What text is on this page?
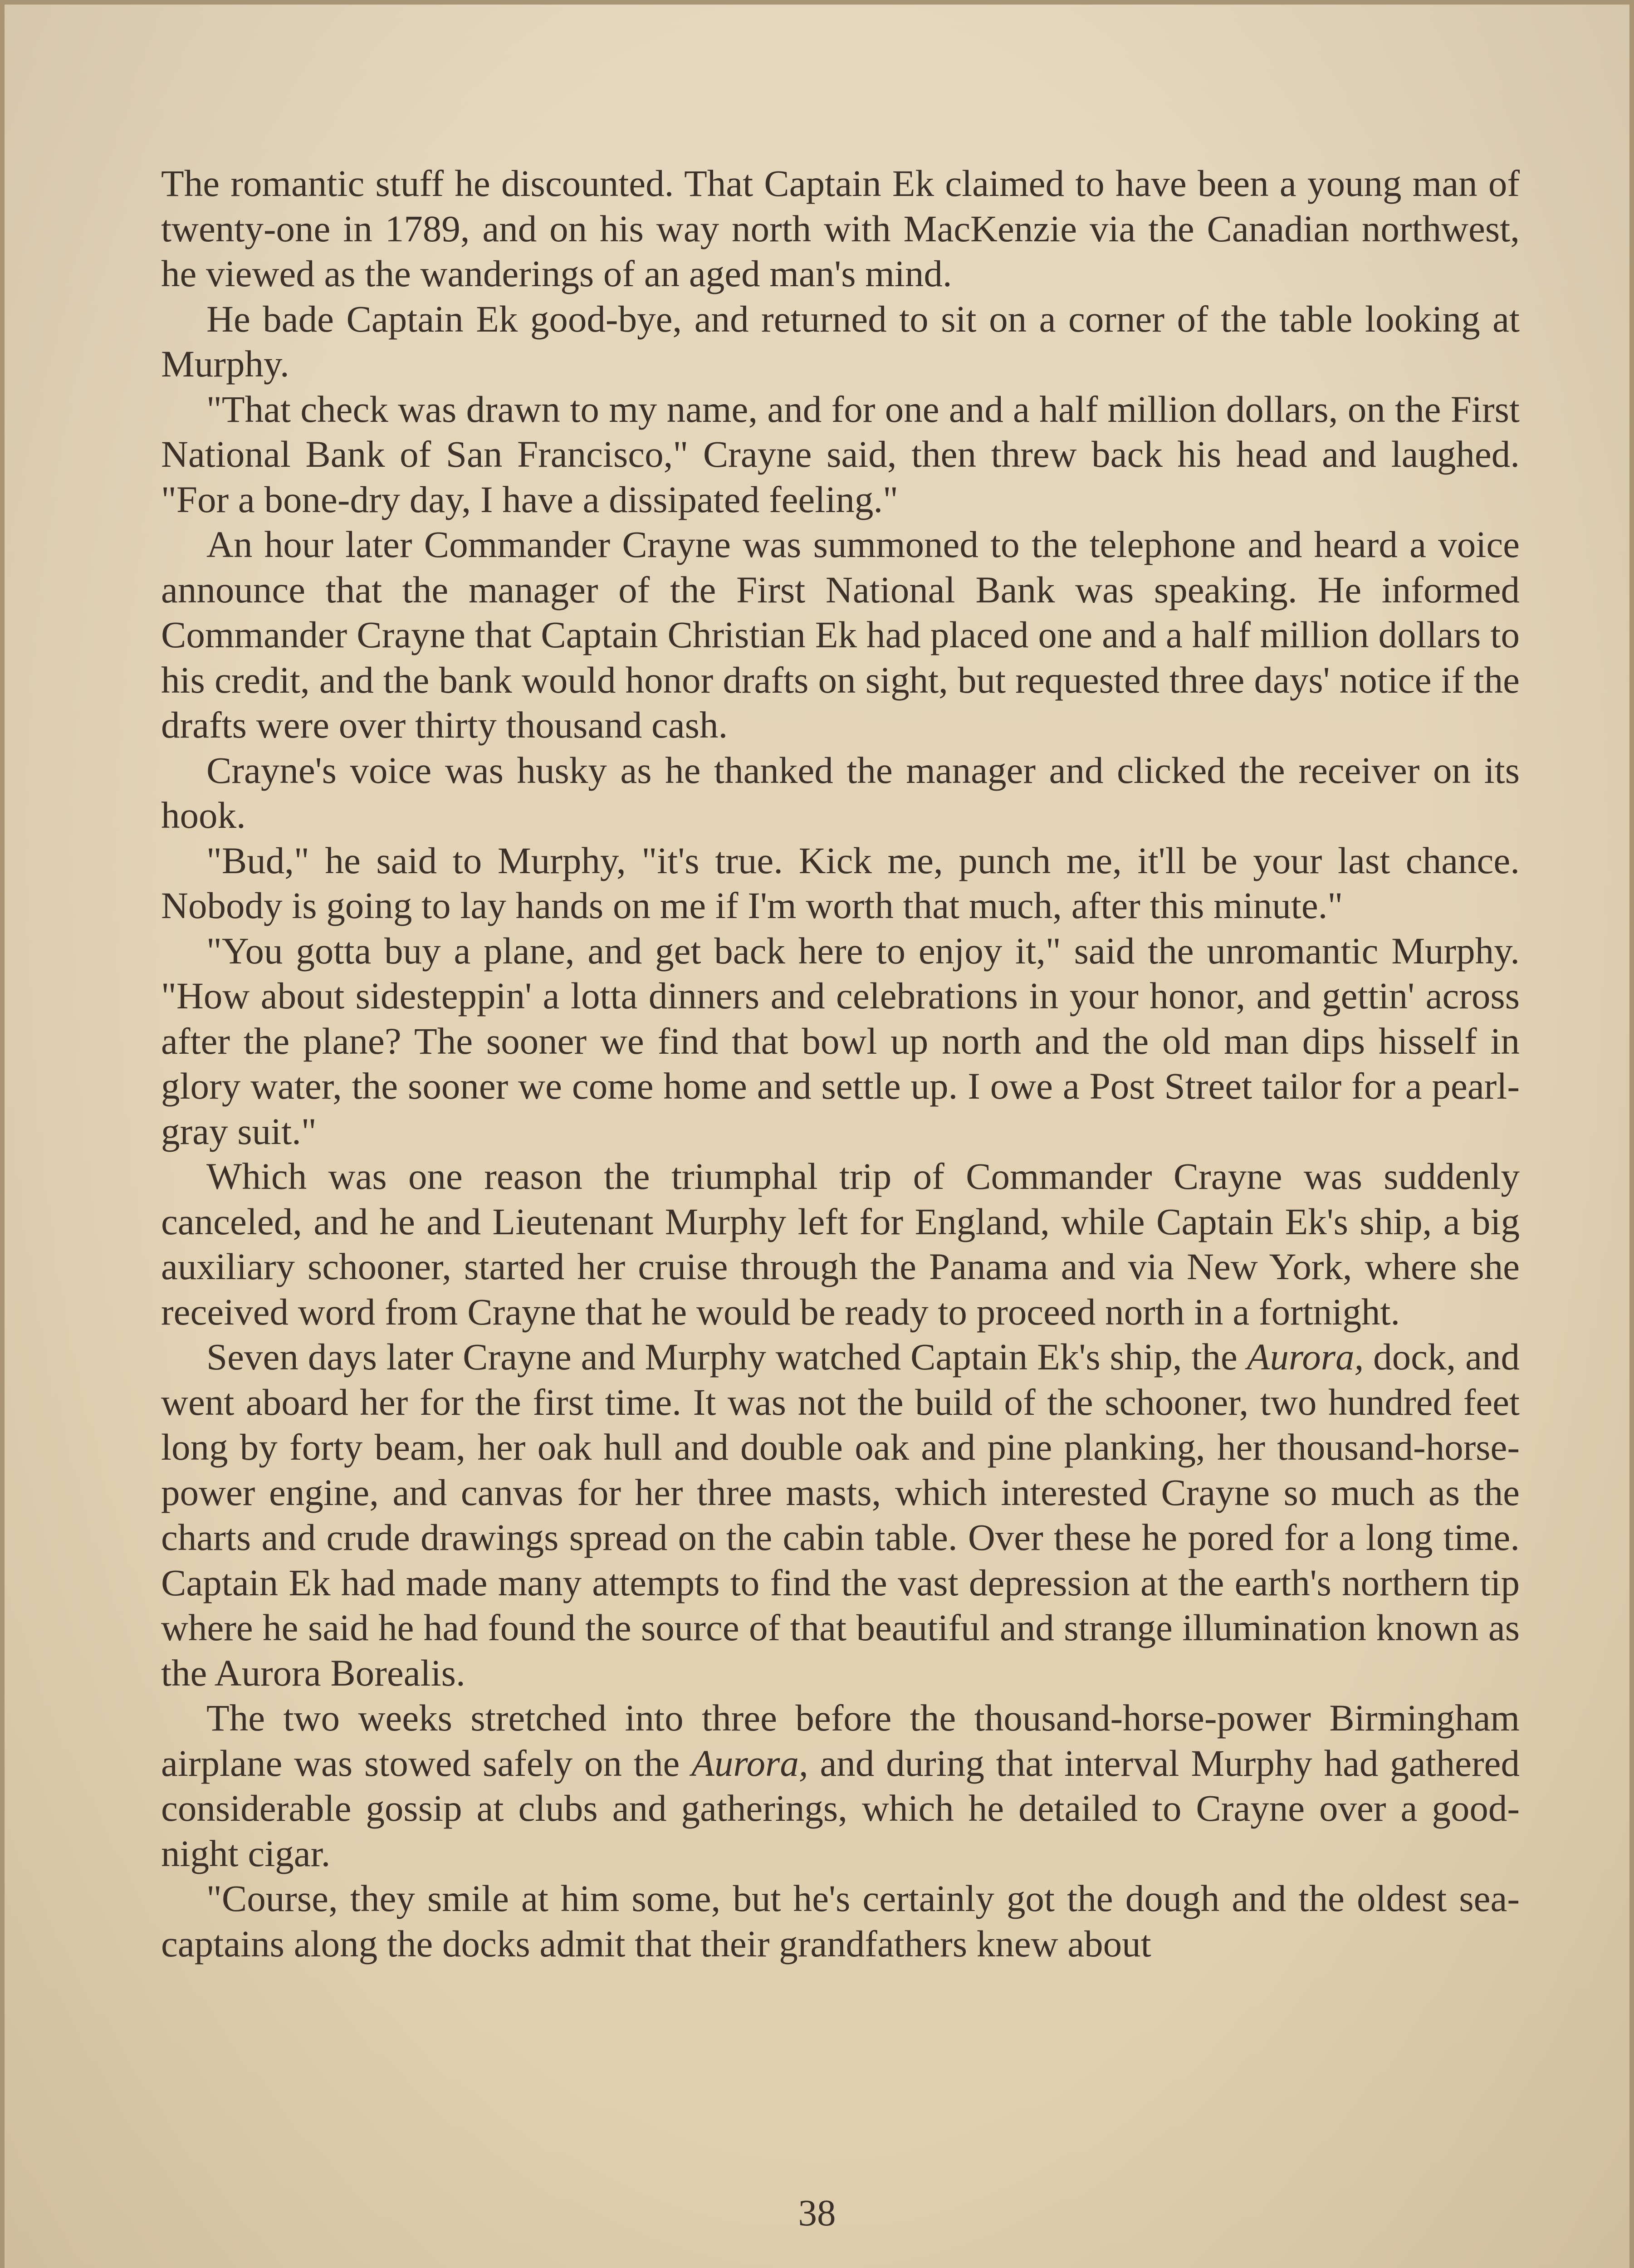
The romantic stuff he discounted. That Captain Ek claimed to have been a young man of twenty-one in 1789, and on his way north with MacKenzie via the Canadian northwest, he viewed as the wanderings of an aged man's mind.

He bade Captain Ek good-bye, and returned to sit on a corner of the table looking at Murphy.

"That check was drawn to my name, and for one and a half million dollars, on the First National Bank of San Francisco," Crayne said, then threw back his head and laughed. "For a bone-dry day, I have a dissipated feeling."

An hour later Commander Crayne was summoned to the telephone and heard a voice announce that the manager of the First National Bank was speaking. He informed Commander Crayne that Captain Christian Ek had placed one and a half million dollars to his credit, and the bank would honor drafts on sight, but requested three days' notice if the drafts were over thirty thousand cash.

Crayne's voice was husky as he thanked the manager and clicked the receiver on its hook.

"Bud," he said to Murphy, "it's true. Kick me, punch me, it'll be your last chance. Nobody is going to lay hands on me if I'm worth that much, after this minute."

"You gotta buy a plane, and get back here to enjoy it," said the unromantic Murphy. "How about sidesteppin' a lotta dinners and celebrations in your honor, and gettin' across after the plane? The sooner we find that bowl up north and the old man dips hisself in glory water, the sooner we come home and settle up. I owe a Post Street tailor for a pearl-gray suit."

Which was one reason the triumphal trip of Commander Crayne was suddenly canceled, and he and Lieutenant Murphy left for England, while Captain Ek's ship, a big auxiliary schooner, started her cruise through the Panama and via New York, where she received word from Crayne that he would be ready to proceed north in a fortnight.

Seven days later Crayne and Murphy watched Captain Ek's ship, the Aurora, dock, and went aboard her for the first time. It was not the build of the schooner, two hundred feet long by forty beam, her oak hull and double oak and pine planking, her thousand-horse-power engine, and canvas for her three masts, which interested Crayne so much as the charts and crude drawings spread on the cabin table. Over these he pored for a long time. Captain Ek had made many attempts to find the vast depression at the earth's northern tip where he said he had found the source of that beautiful and strange illumination known as the Aurora Borealis.

The two weeks stretched into three before the thousand-horse-power Birmingham airplane was stowed safely on the Aurora, and during that interval Murphy had gathered considerable gossip at clubs and gatherings, which he detailed to Crayne over a good-night cigar.

"Course, they smile at him some, but he's certainly got the dough and the oldest sea-captains along the docks admit that their grandfathers knew about

38
